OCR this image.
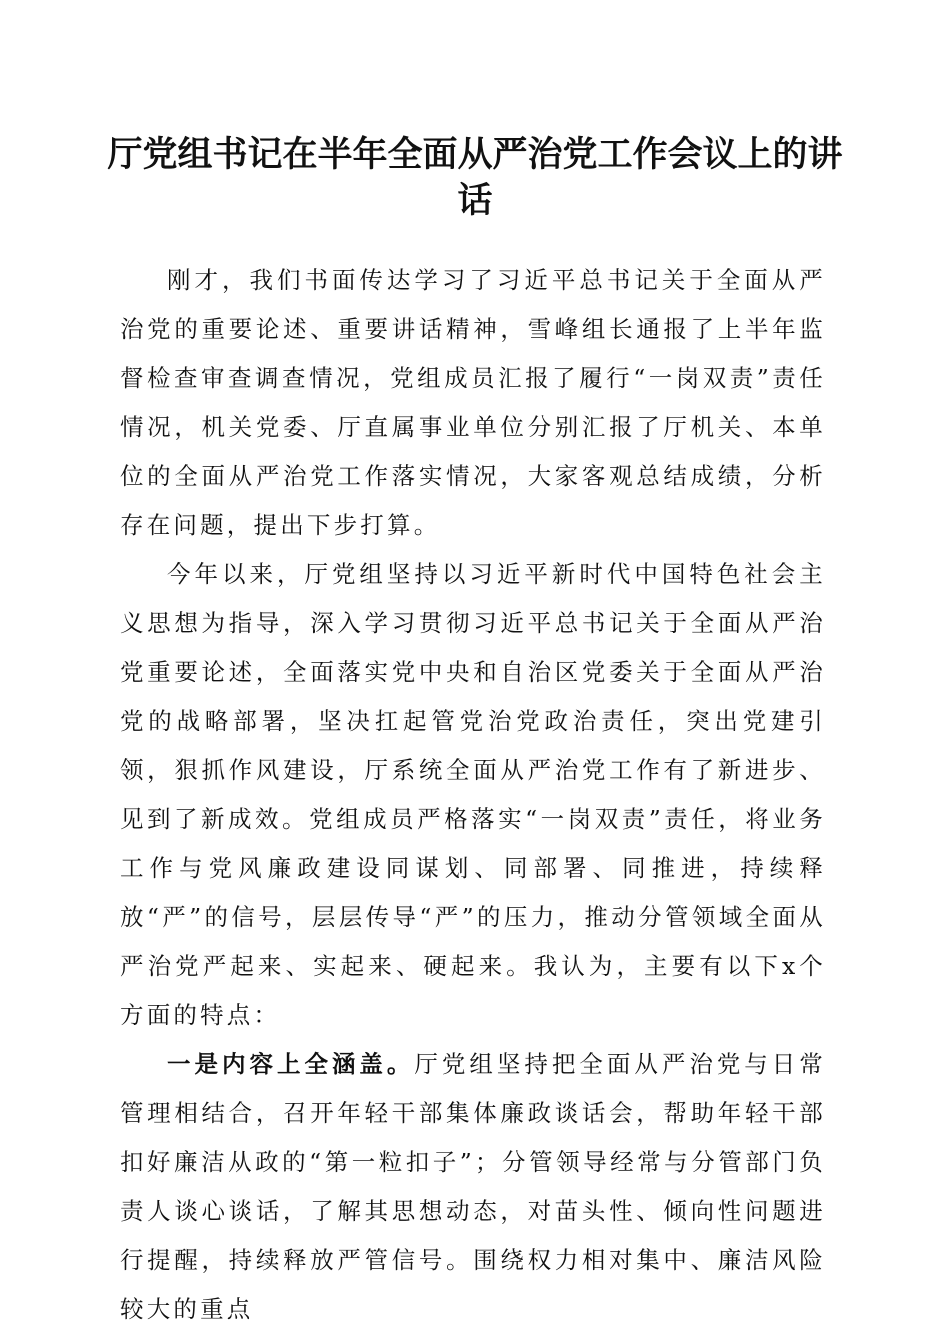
厅党组书记在半年全面从严治党工作会议上的讲话

刚才，我们书面传达学习了习近平总书记关于全面从严治党的重要论述、重要讲话精神，雪峰组长通报了上半年监督检查审查调查情况，党组成员汇报了履行“一岗双责”责任情况，机关党委、厅直属事业单位分别汇报了厅机关、本单位的全面从严治党工作落实情况，大家客观总结成绩，分析存在问题，提出下步打算。

今年以来，厅党组坚持以习近平新时代中国特色社会主义思想为指导，深入学习贯彻习近平总书记关于全面从严治党重要论述，全面落实党中央和自治区党委关于全面从严治党的战略部署，坚决扛起管党治党政治责任，突出党建引领，狠抓作风建设，厅系统全面从严治党工作有了新进步、见到了新成效。党组成员严格落实“一岗双责”责任，将业务工作与党风廉政建设同谋划、同部署、同推进，持续释放“严”的信号，层层传导“严”的压力，推动分管领域全面从严治党严起来、实起来、硬起来。我认为，主要有以下x个方面的特点：

一是内容上全涵盖。厅党组坚持把全面从严治党与日常管理相结合，召开年轻干部集体廉政谈话会，帮助年轻干部扣好廉洁从政的“第一粒扣子”；分管领导经常与分管部门负责人谈心谈话，了解其思想动态，对苗头性、倾向性问题进行提醒，持续释放严管信号。围绕权力相对集中、廉洁风险较大的重点
